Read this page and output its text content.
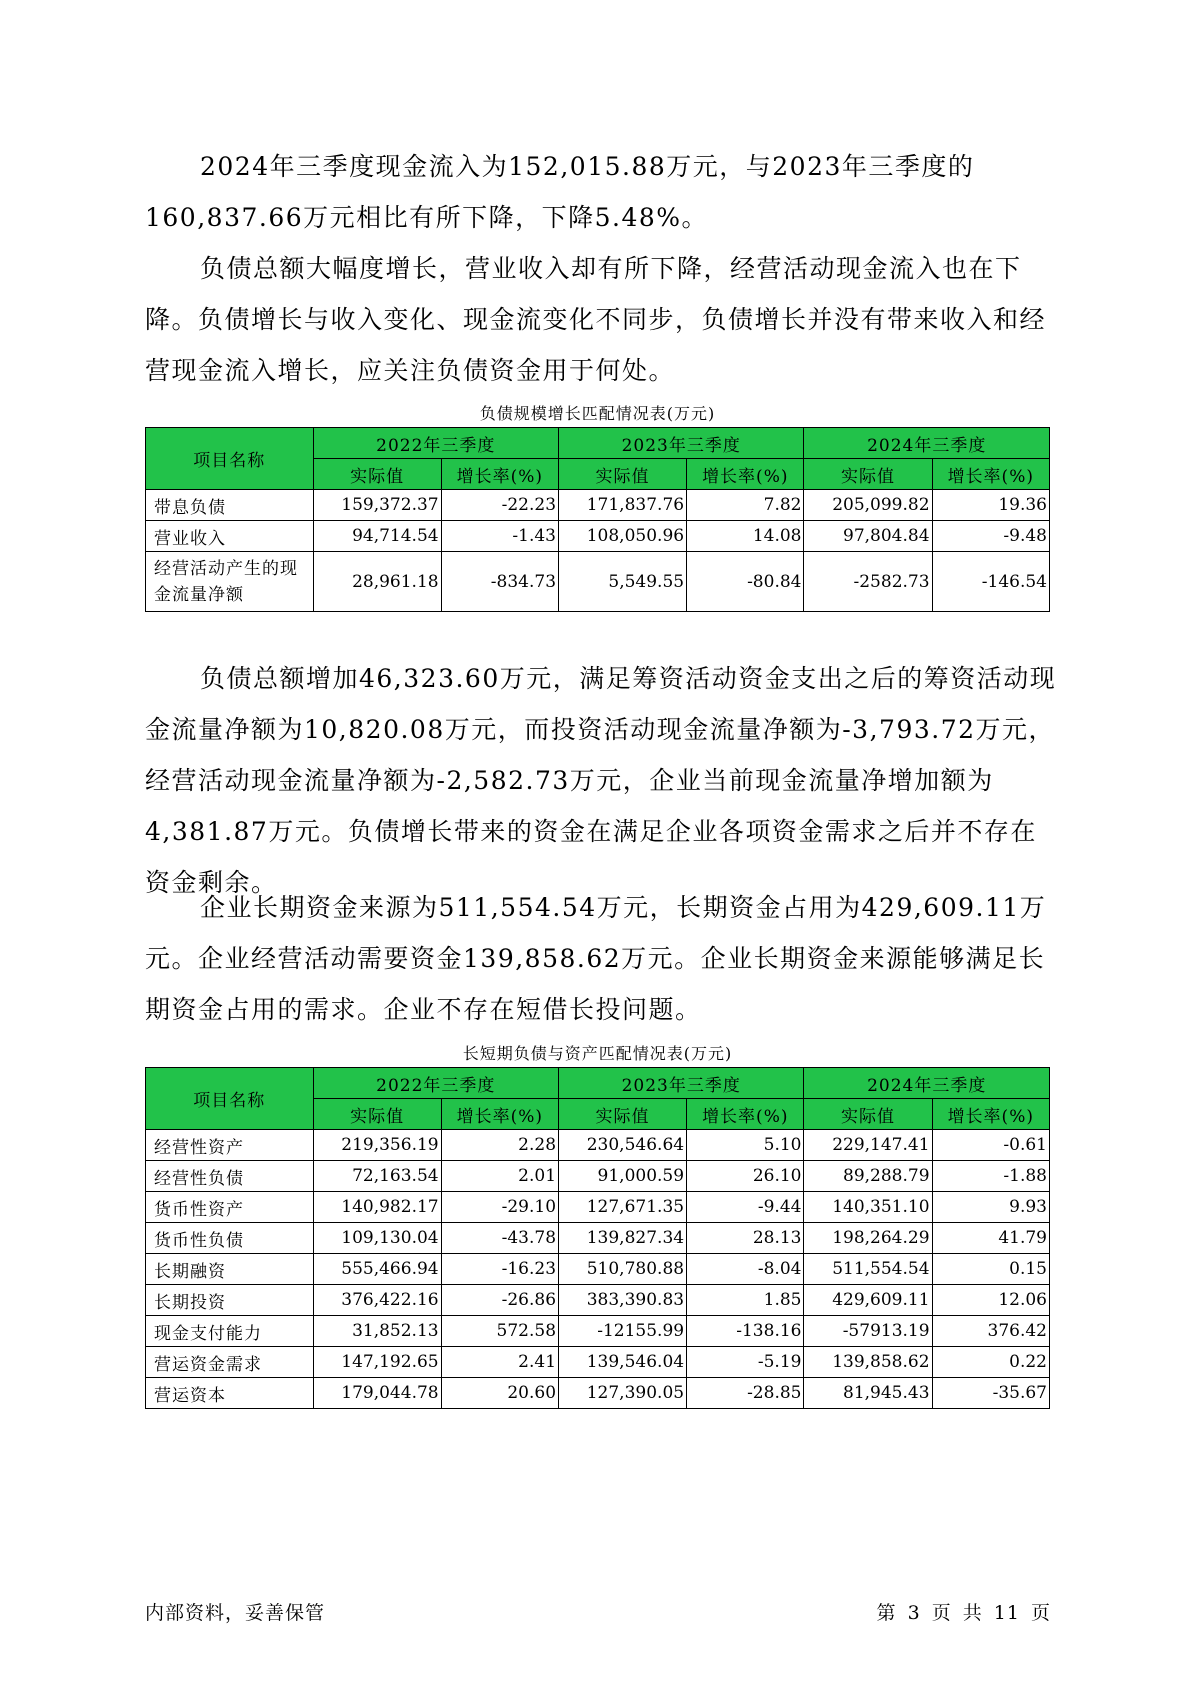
2024年三季度现金流入为152,015.88万元，与2023年三季度的160,837.66万元相比有所下降，下降5.48%。

负债总额大幅度增长，营业收入却有所下降，经营活动现金流入也在下降。负债增长与收入变化、现金流变化不同步，负债增长并没有带来收入和经营现金流入增长，应关注负债资金用于何处。

负债规模增长匹配情况表(万元)
项目名称	2022年三季度		2023年三季度		2024年三季度	
	实际值	增长率(%)	实际值	增长率(%)	实际值	增长率(%)
带息负债	159,372.37	-22.23	171,837.76	7.82	205,099.82	19.36
营业收入	94,714.54	-1.43	108,050.96	14.08	97,804.84	-9.48
经营活动产生的现金流量净额	28,961.18	-834.73	5,549.55	-80.84	-2582.73	-146.54

负债总额增加46,323.60万元，满足筹资活动资金支出之后的筹资活动现金流量净额为10,820.08万元，而投资活动现金流量净额为-3,793.72万元，经营活动现金流量净额为-2,582.73万元，企业当前现金流量净增加额为4,381.87万元。负债增长带来的资金在满足企业各项资金需求之后并不存在资金剩余。

企业长期资金来源为511,554.54万元，长期资金占用为429,609.11万元。企业经营活动需要资金139,858.62万元。企业长期资金来源能够满足长期资金占用的需求。企业不存在短借长投问题。

长短期负债与资产匹配情况表(万元)
项目名称	2022年三季度		2023年三季度		2024年三季度	
	实际值	增长率(%)	实际值	增长率(%)	实际值	增长率(%)
经营性资产	219,356.19	2.28	230,546.64	5.10	229,147.41	-0.61
经营性负债	72,163.54	2.01	91,000.59	26.10	89,288.79	-1.88
货币性资产	140,982.17	-29.10	127,671.35	-9.44	140,351.10	9.93
货币性负债	109,130.04	-43.78	139,827.34	28.13	198,264.29	41.79
长期融资	555,466.94	-16.23	510,780.88	-8.04	511,554.54	0.15
长期投资	376,422.16	-26.86	383,390.83	1.85	429,609.11	12.06
现金支付能力	31,852.13	572.58	-12155.99	-138.16	-57913.19	376.42
营运资金需求	147,192.65	2.41	139,546.04	-5.19	139,858.62	0.22
营运资本	179,044.78	20.60	127,390.05	-28.85	81,945.43	-35.67
内部资料，妥善保管	第 3 页 共 11 页
